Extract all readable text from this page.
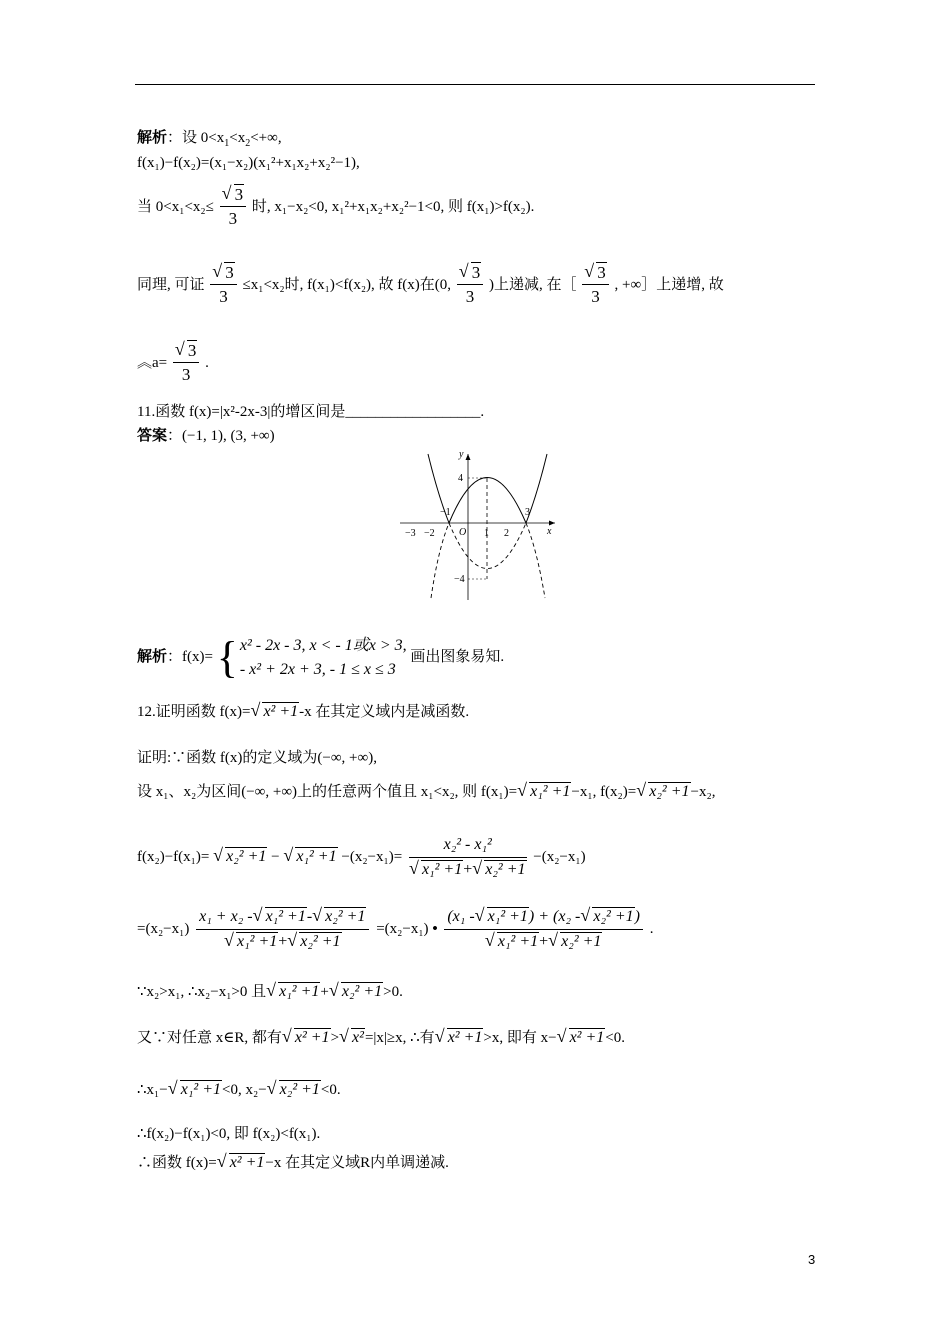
解析：设 $0<x_1<x_2<+\infty$,
f(x₁)−f(x₂)=(x₁−x₂)(x₁²+x₁x₂+x₂²−1),
当 0<x₁<x₂≤ √ $\frac{3}{3}$ 时, x₁−x₂<0, x₁²+x₁x₂+x₂²−1<0, 则 f(x₁)>f(x₂).
同理, 可证 √ $\frac{3}{3} \le x_1<x_2$时, f(x₁)<f(x₂), 故 f(x)在(0, √ $\frac{3}{3}$ )上递减, 在［ √ $\frac{3}{3}$ , +∞］上递增, 故
︽a= √ $\frac{3}{3}$ .
11.函数 f(x)=|x²-2x-3|的增区间是__________________.
答案：(−1, 1), (3, +∞)
y
x
O
−3 −2	1 2
4
−4
−1	3
解析：f(x)= { x² - 2x - 3, x < - 1或x > 3,
- x² + 2x + 3, - 1 ≤ x ≤ 3
画出图象易知.
12.证明函数 f(x)= √ x² +1-x 在其定义域内是减函数.
证明:∵函数 f(x)的定义域为(−∞, +∞),
设 x₁、x₂为区间(−∞, +∞)上的任意两个值且 x₁<x₂, 则 f(x₁)= √ x₁² +1−x₁, f(x₂)= √ x₂² +1−x₂,
f(x₂)−f(x₁)= √ x₂² +1 − √ x₁² +1 −(x₂−x₁)= x₂² - x₁²
√ x₁² +1+ √ x₂² +1 −(x₂−x₁)
=(x₂−x₁) x₁ + x₂ - √ x₁² +1- √ x₂² +1
√ x₁² +1+ √ x₂² +1 =(x₂−x₁) • (x₁ - √ x₁² +1) + (x₂ - √ x₂² +1)
√ x₁² +1+ √ x₂² +1 .
∵x₂>x₁, ∴x₂−x₁>0 且 √ x₁² +1+ √ x₂² +1>0.
又∵对任意 x∈R, 都有 √ x² +1> √ x²=|x|≥x, ∴有 √ x² +1>x, 即有 x− √ x² +1<0.
∴x₁− √ x₁² +1<0, x₂− √ x₂² +1<0.
∴f(x₂)−f(x₁)<0, 即 f(x₂)<f(x₁).
∴函数 f(x)= √ x² +1−x 在其定义域R内单调递减.
3
